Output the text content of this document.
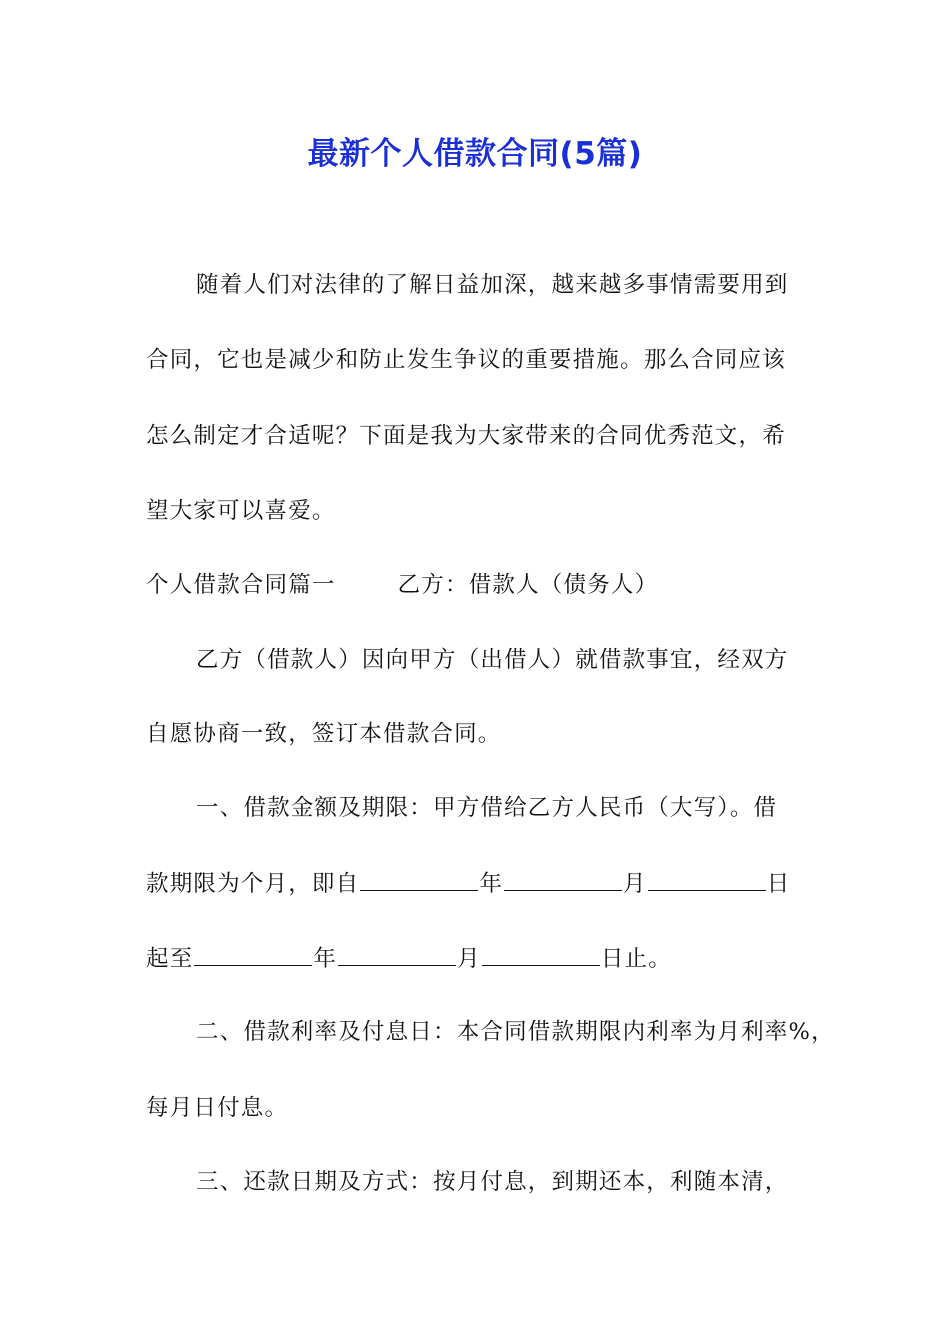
最新个人借款合同(5篇)
随着人们对法律的了解日益加深，越来越多事情需要用到
合同，它也是减少和防止发生争议的重要措施。那么合同应该
怎么制定才合适呢？下面是我为大家带来的合同优秀范文，希
望大家可以喜爱。
个人借款合同篇一	乙方：借款人（债务人）
乙方（借款人）因向甲方（出借人）就借款事宜，经双方
自愿协商一致，签订本借款合同。
一、借款金额及期限：甲方借给乙方人民币（大写）。借
款期限为个月，即自	年	月	日
起至	年	月	日止。
二、借款利率及付息日：本合同借款期限内利率为月利率%，
每月日付息。
三、还款日期及方式：按月付息，到期还本，利随本清，
